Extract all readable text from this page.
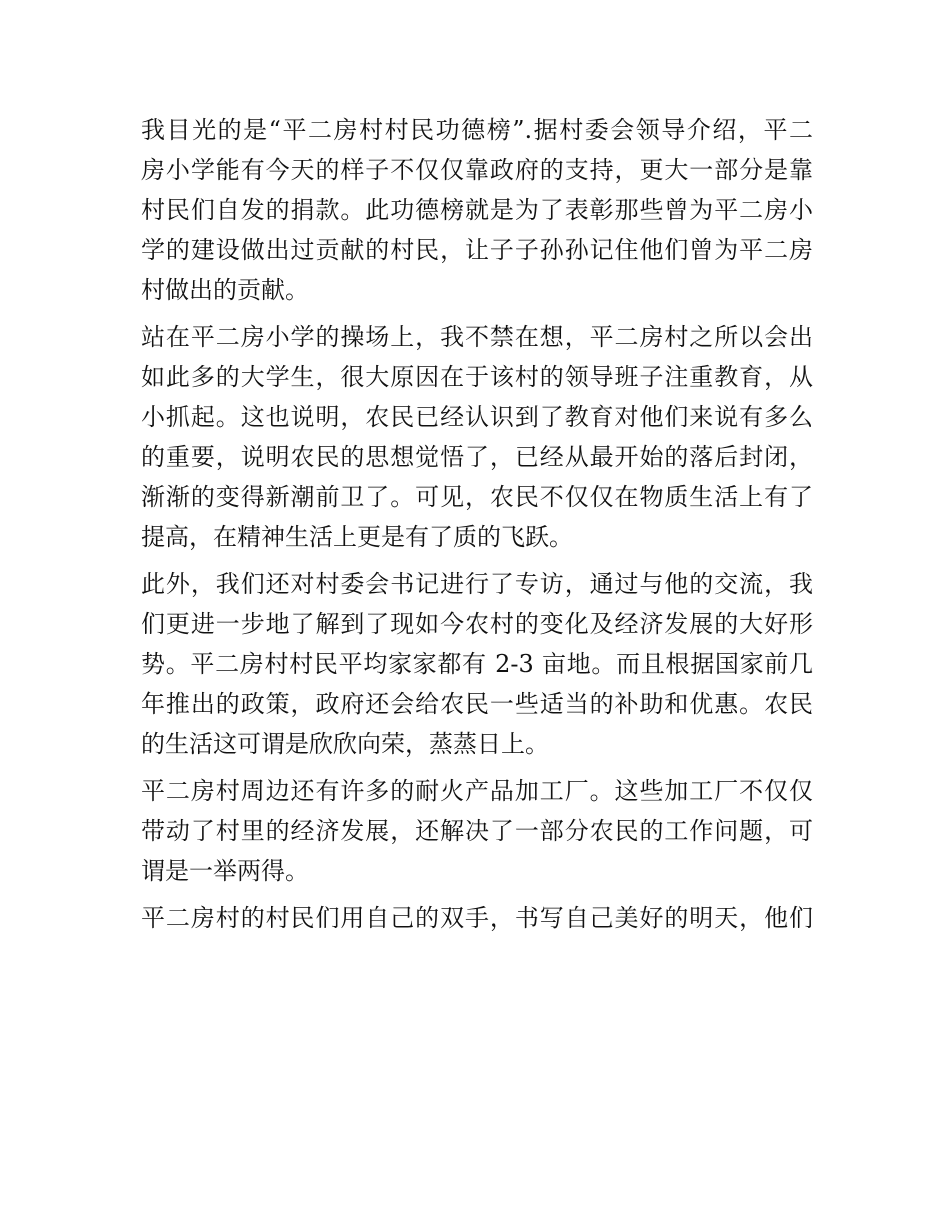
我目光的是“平二房村村民功德榜”.据村委会领导介绍，平二
房小学能有今天的样子不仅仅靠政府的支持，更大一部分是靠
村民们自发的捐款。此功德榜就是为了表彰那些曾为平二房小
学的建设做出过贡献的村民，让子子孙孙记住他们曾为平二房
村做出的贡献。
站在平二房小学的操场上，我不禁在想，平二房村之所以会出
如此多的大学生，很大原因在于该村的领导班子注重教育，从
小抓起。这也说明，农民已经认识到了教育对他们来说有多么
的重要，说明农民的思想觉悟了，已经从最开始的落后封闭，
渐渐的变得新潮前卫了。可见，农民不仅仅在物质生活上有了
提高，在精神生活上更是有了质的飞跃。
此外，我们还对村委会书记进行了专访，通过与他的交流，我
们更进一步地了解到了现如今农村的变化及经济发展的大好形
势。平二房村村民平均家家都有 2-3 亩地。而且根据国家前几
年推出的政策，政府还会给农民一些适当的补助和优惠。农民
的生活这可谓是欣欣向荣，蒸蒸日上。
平二房村周边还有许多的耐火产品加工厂。这些加工厂不仅仅
带动了村里的经济发展，还解决了一部分农民的工作问题，可
谓是一举两得。
平二房村的村民们用自己的双手，书写自己美好的明天，他们
